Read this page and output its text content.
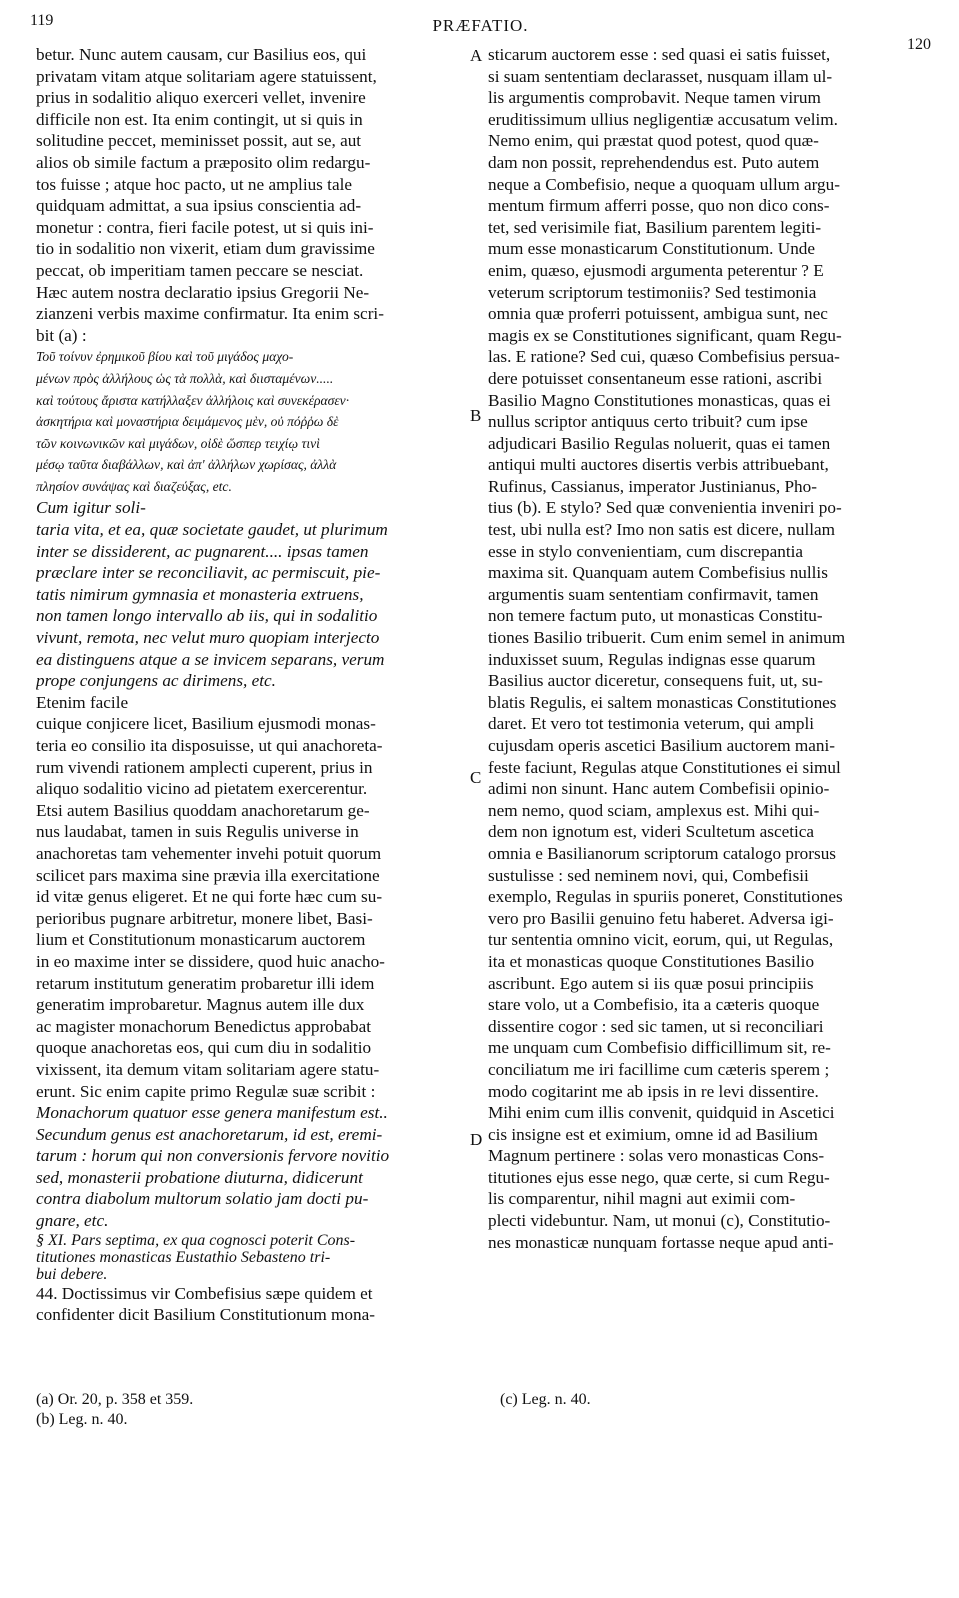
119	PRÆFATIO.
120
A
B
C
D
betur. Nunc autem causam, cur Basilius eos, qui
privatam vitam atque solitariam agere statuissent,
prius in sodalitio aliquo exerceri vellet, invenire
difficile non est. Ita enim contingit, ut si quis in
solitudine peccet, meminisset possit, aut se, aut
alios ob simile factum a præposito olim redargu-
tos fuisse ; atque hoc pacto, ut ne amplius tale
quidquam admittat, a sua ipsius conscientia ad-
monetur : contra, fieri facile potest, ut si quis ini-
tio in sodalitio non vixerit, etiam dum gravissime
peccat, ob imperitiam tamen peccare se nesciat.
Hæc autem nostra declaratio ipsius Gregorii Ne-
zianzeni verbis maxime confirmatur. Ita enim scri-
bit (a) :
Τοῦ τοίνυν ἐρημικοῦ βίου καὶ τοῦ μιγάδος μαχο-
μένων πρὸς ἀλλήλους ὡς τὰ πολλὰ, καὶ διισταμένων.....
καὶ τούτους ἄριστα κατήλλαξεν ἀλλήλοις καὶ συνεκέρασεν·
ἀσκητήρια καὶ μοναστήρια δειμάμενος μὲν, οὐ πόῤῥω δὲ
τῶν κοινωνικῶν καὶ μιγάδων, οἰδὲ ὥσπερ τειχίῳ τινὶ
μέσῳ ταῦτα διαβάλλων, καὶ ἀπ' ἀλλήλων χωρίσας, ἀλλὰ
πλησίον συνάψας καὶ διαζεύξας, etc.
Cum igitur soli-
taria vita, et ea, quæ societate gaudet, ut plurimum
inter se dissiderent, ac pugnarent.... ipsas tamen
præclare inter se reconciliavit, ac permiscuit, pie-
tatis nimirum gymnasia et monasteria extruens,
non tamen longo intervallo ab iis, qui in sodalitio
vivunt, remota, nec velut muro quopiam interjecto
ea distinguens atque a se invicem separans, verum
prope conjungens ac dirimens, etc.
Etenim facile
cuique conjicere licet, Basilium ejusmodi monas-
teria eo consilio ita disposuisse, ut qui anachoreta-
rum vivendi rationem amplecti cuperent, prius in
aliquo sodalitio vicino ad pietatem exercerentur.
Etsi autem Basilius quoddam anachoretarum ge-
nus laudabat, tamen in suis Regulis universe in
anachoretas tam vehementer invehi potuit quorum
scilicet pars maxima sine prævia illa exercitatione
id vitæ genus eligeret. Et ne qui forte hæc cum su-
perioribus pugnare arbitretur, monere libet, Basi-
lium et Constitutionum monasticarum auctorem
in eo maxime inter se dissidere, quod huic anacho-
retarum institutum generatim probaretur illi idem
generatim improbaretur. Magnus autem ille dux
ac magister monachorum Benedictus approbabat
quoque anachoretas eos, qui cum diu in sodalitio
vixissent, ita demum vitam solitariam agere statu-
erunt. Sic enim capite primo Regulæ suæ scribit :
Monachorum quatuor esse genera manifestum est..
Secundum genus est anachoretarum, id est, eremi-
tarum : horum qui non conversionis fervore novitio
sed, monasterii probatione diuturna, didicerunt
contra diabolum multorum solatio jam docti pu-
gnare, etc.
§ XI. Pars septima, ex qua cognosci poterit Cons-
titutiones monasticas Eustathio Sebasteno tri-
bui debere.
44. Doctissimus vir Combefisius sæpe quidem et
confidenter dicit Basilium Constitutionum mona-
sticarum auctorem esse : sed quasi ei satis fuisset,
si suam sententiam declarasset, nusquam illam ul-
lis argumentis comprobavit. Neque tamen virum
eruditissimum ullius negligentiæ accusatum velim.
Nemo enim, qui præstat quod potest, quod quæ-
dam non possit, reprehendendus est. Puto autem
neque a Combefisio, neque a quoquam ullum argu-
mentum firmum afferri posse, quo non dico cons-
tet, sed verisimile fiat, Basilium parentem legiti-
mum esse monasticarum Constitutionum. Unde
enim, quæso, ejusmodi argumenta peterentur ? E
veterum scriptorum testimoniis? Sed testimonia
omnia quæ proferri potuissent, ambigua sunt, nec
magis ex se Constitutiones significant, quam Regu-
las. E ratione? Sed cui, quæso Combefisius persua-
dere potuisset consentaneum esse rationi, ascribi
Basilio Magno Constitutiones monasticas, quas ei
nullus scriptor antiquus certo tribuit? cum ipse
adjudicari Basilio Regulas noluerit, quas ei tamen
antiqui multi auctores disertis verbis attribuebant,
Rufinus, Cassianus, imperator Justinianus, Pho-
tius (b). E stylo? Sed quæ convenientia inveniri po-
test, ubi nulla est? Imo non satis est dicere, nullam
esse in stylo convenientiam, cum discrepantia
maxima sit. Quanquam autem Combefisius nullis
argumentis suam sententiam confirmavit, tamen
non temere factum puto, ut monasticas Constitu-
tiones Basilio tribuerit. Cum enim semel in animum
induxisset suum, Regulas indignas esse quarum
Basilius auctor diceretur, consequens fuit, ut, su-
blatis Regulis, ei saltem monasticas Constitutiones
daret. Et vero tot testimonia veterum, qui ampli
cujusdam operis ascetici Basilium auctorem mani-
feste faciunt, Regulas atque Constitutiones ei simul
adimi non sinunt. Hanc autem Combefisii opinio-
nem nemo, quod sciam, amplexus est. Mihi qui-
dem non ignotum est, videri Scultetum ascetica
omnia e Basilianorum scriptorum catalogo prorsus
sustulisse : sed neminem novi, qui, Combefisii
exemplo, Regulas in spuriis poneret, Constitutiones
vero pro Basilii genuino fetu haberet. Adversa igi-
tur sententia omnino vicit, eorum, qui, ut Regulas,
ita et monasticas quoque Constitutiones Basilio
ascribunt. Ego autem si iis quæ posui principiis
stare volo, ut a Combefisio, ita a cæteris quoque
dissentire cogor : sed sic tamen, ut si reconciliari
me unquam cum Combefisio difficillimum sit, re-
conciliatum me iri facillime cum cæteris sperem ;
modo cogitarint me ab ipsis in re levi dissentire.
Mihi enim cum illis convenit, quidquid in Ascetici
cis insigne est et eximium, omne id ad Basilium
Magnum pertinere : solas vero monasticas Cons-
titutiones ejus esse nego, quæ certe, si cum Regu-
lis comparentur, nihil magni aut eximii com-
plecti videbuntur. Nam, ut monui (c), Constitutio-
nes monasticæ nunquam fortasse neque apud anti-
(a) Or. 20, p. 358 et 359.
(b) Leg. n. 40.
(c) Leg. n. 40.
